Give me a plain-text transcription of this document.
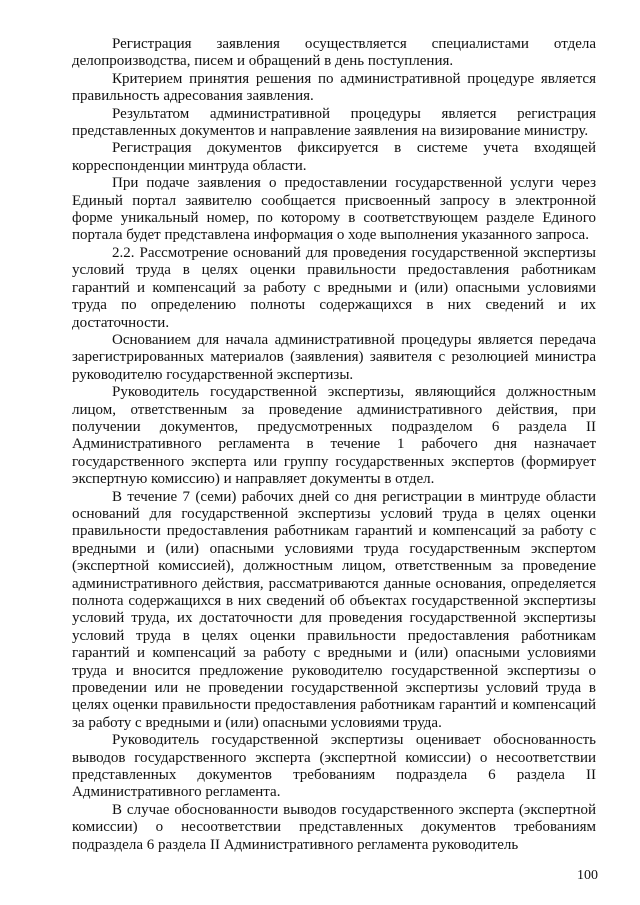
Регистрация заявления осуществляется специалистами отдела делопроизводства, писем и обращений в день поступления.

Критерием принятия решения по административной процедуре является правильность адресования заявления.

Результатом административной процедуры является регистрация представленных документов и направление заявления на визирование министру.

Регистрация документов фиксируется в системе учета входящей корреспонденции минтруда области.

При подаче заявления о предоставлении государственной услуги через Единый портал заявителю сообщается присвоенный запросу в электронной форме уникальный номер, по которому в соответствующем разделе Единого портала будет представлена информация о ходе выполнения указанного запроса.

2.2. Рассмотрение оснований для проведения государственной экспертизы условий труда в целях оценки правильности предоставления работникам гарантий и компенсаций за работу с вредными и (или) опасными условиями труда по определению полноты содержащихся в них сведений и их достаточности.

Основанием для начала административной процедуры является передача зарегистрированных материалов (заявления) заявителя с резолюцией министра руководителю государственной экспертизы.

Руководитель государственной экспертизы, являющийся должностным лицом, ответственным за проведение административного действия, при получении документов, предусмотренных подразделом 6 раздела II Административного регламента в течение 1 рабочего дня назначает государственного эксперта или группу государственных экспертов (формирует экспертную комиссию) и направляет документы в отдел.

В течение 7 (семи) рабочих дней со дня регистрации в минтруде области оснований для государственной экспертизы условий труда в целях оценки правильности предоставления работникам гарантий и компенсаций за работу с вредными и (или) опасными условиями труда государственным экспертом (экспертной комиссией), должностным лицом, ответственным за проведение административного действия, рассматриваются данные основания, определяется полнота содержащихся в них сведений об объектах государственной экспертизы условий труда, их достаточности для проведения государственной экспертизы условий труда в целях оценки правильности предоставления работникам гарантий и компенсаций за работу с вредными и (или) опасными условиями труда и вносится предложение руководителю государственной экспертизы о проведении или не проведении государственной экспертизы условий труда в целях оценки правильности предоставления работникам гарантий и компенсаций за работу с вредными и (или) опасными условиями труда.

Руководитель государственной экспертизы оценивает обоснованность выводов государственного эксперта (экспертной комиссии) о несоответствии представленных документов требованиям подраздела 6 раздела II Административного регламента.

В случае обоснованности выводов государственного эксперта (экспертной комиссии) о несоответствии представленных документов требованиям подраздела 6 раздела II Административного регламента руководитель

100
